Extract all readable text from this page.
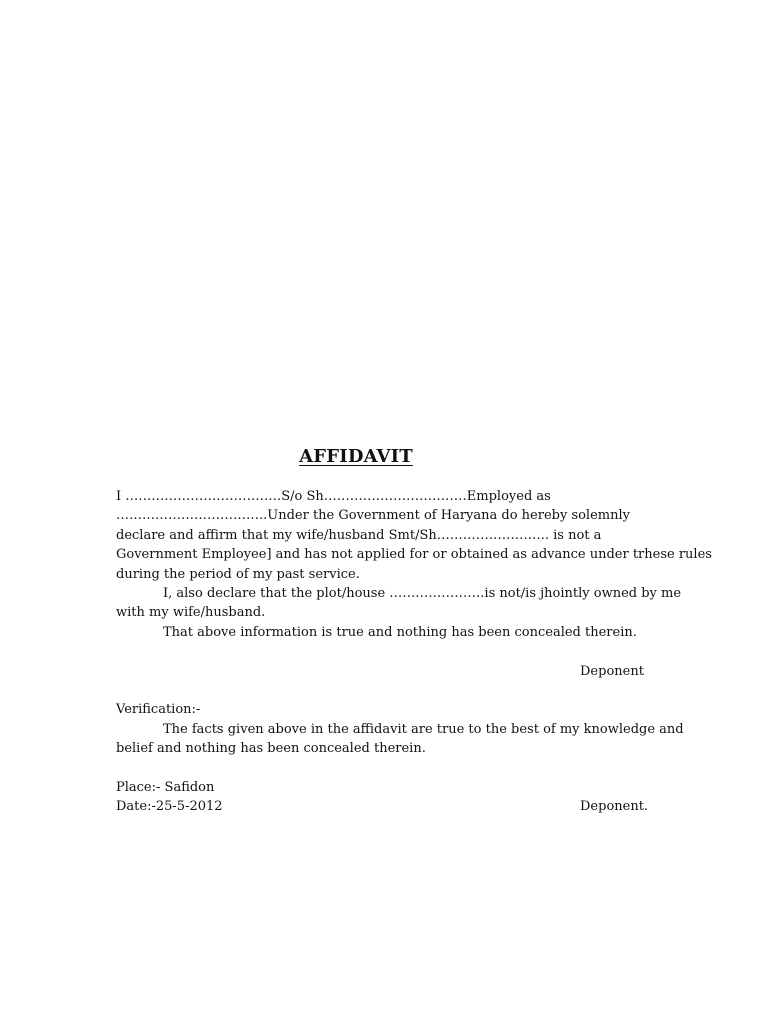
AFFIDAVIT
I ………………………………S/o Sh……………………………Employed as
……………………………..Under the Government of Haryana do hereby solemnly
declare and affirm that my wife/husband Smt/Sh…………………….. is not a
Government Employee] and has not applied for or obtained as advance under trhese rules
during the period of my past service.
I, also declare that the plot/house ………………….is not/is jhointly owned by me
with my wife/husband.
That above information is true and nothing has been concealed therein.
Deponent
Verification:-
The facts given above in the affidavit are true to the best of my knowledge and
belief and nothing has been concealed therein.
Place:- Safidon
Date:-25-5-2012	Deponent.
